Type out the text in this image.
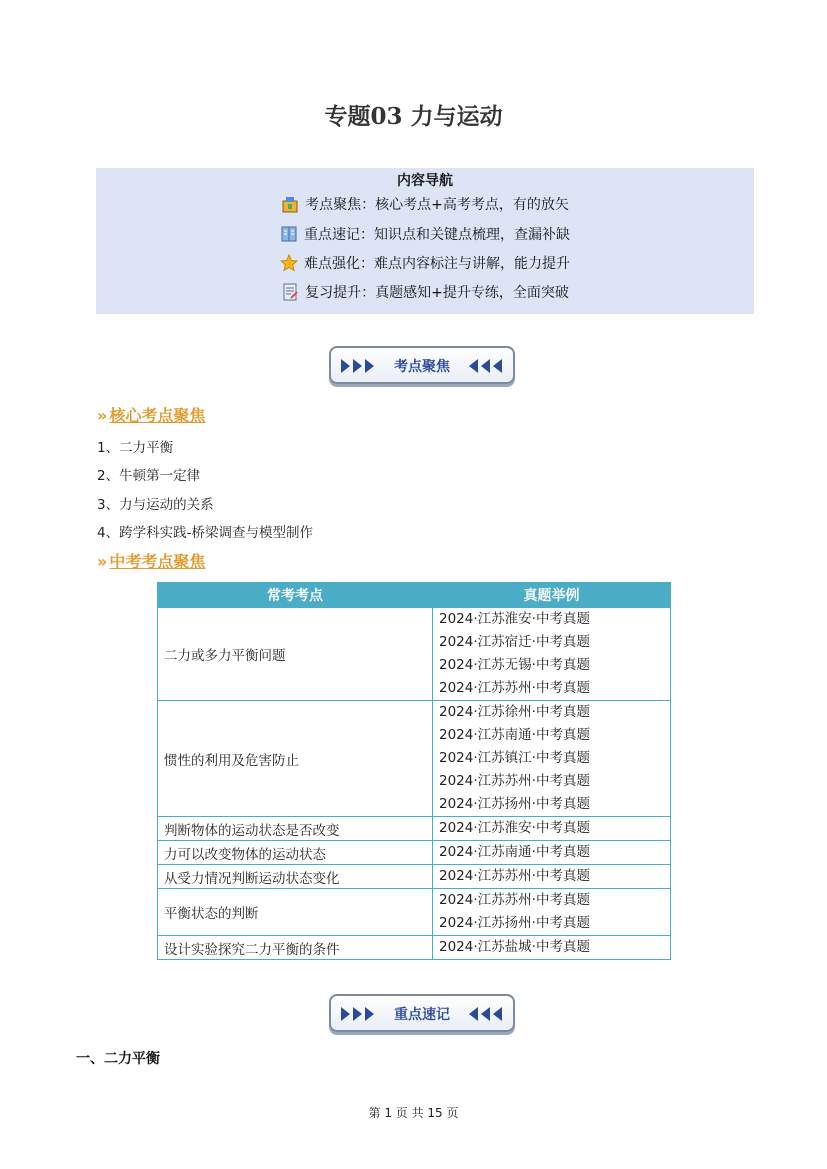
专题03 力与运动
内容导航
考点聚焦：核心考点+高考考点，有的放矢
重点速记：知识点和关键点梳理，查漏补缺
难点强化：难点内容标注与讲解，能力提升
复习提升：真题感知+提升专练，全面突破
考点聚焦
» 核心考点聚焦
1、二力平衡
2、牛顿第一定律
3、力与运动的关系
4、跨学科实践-桥梁调查与模型制作
» 中考考点聚焦
常考考点	真题举例
二力或多力平衡问题	2024·江苏淮安·中考真题
2024·江苏宿迁·中考真题
2024·江苏无锡·中考真题
2024·江苏苏州·中考真题

惯性的利用及危害防止	2024·江苏徐州·中考真题
2024·江苏南通·中考真题
2024·江苏镇江·中考真题
2024·江苏苏州·中考真题
2024·江苏扬州·中考真题

判断物体的运动状态是否改变	2024·江苏淮安·中考真题

力可以改变物体的运动状态	2024·江苏南通·中考真题

从受力情况判断运动状态变化	2024·江苏苏州·中考真题

平衡状态的判断	2024·江苏苏州·中考真题
2024·江苏扬州·中考真题

设计实验探究二力平衡的条件	2024·江苏盐城·中考真题
重点速记
一、二力平衡
第 1 页 共 15 页
